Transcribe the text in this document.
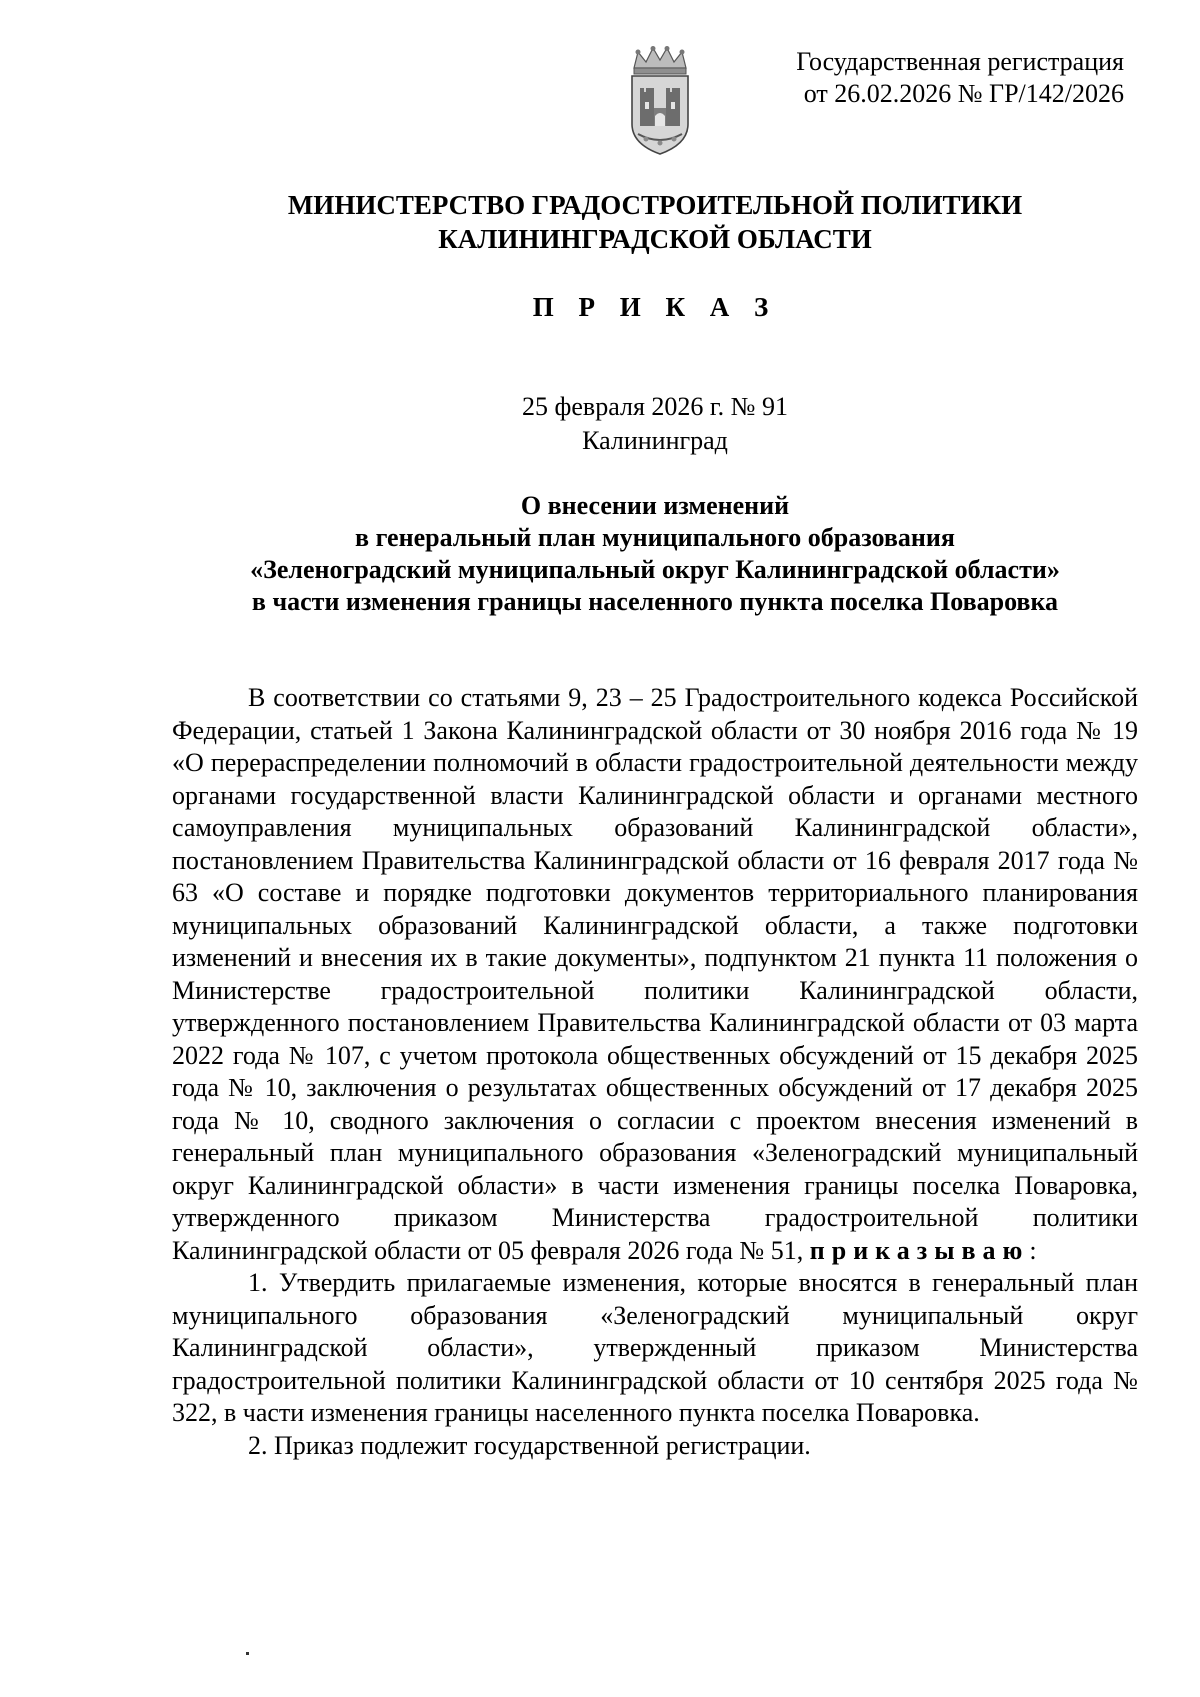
Государственная регистрация
от 26.02.2026 № ГР/142/2026
МИНИСТЕРСТВО ГРАДОСТРОИТЕЛЬНОЙ ПОЛИТИКИ
КАЛИНИНГРАДСКОЙ ОБЛАСТИ
П Р И К А З
25 февраля 2026 г. № 91
Калининград
О внесении изменений
в генеральный план муниципального образования
«Зеленоградский муниципальный округ Калининградской области»
в части изменения границы населенного пункта поселка Поваровка

В соответствии со статьями 9, 23 – 25 Градостроительного кодекса Российской Федерации, статьей 1 Закона Калининградской области от 30 ноября 2016 года № 19 «О перераспределении полномочий в области градостроительной деятельности между органами государственной власти Калининградской области и органами местного самоуправления муниципальных образований Калининградской области», постановлением Правительства Калининградской области от 16 февраля 2017 года № 63 «О составе и порядке подготовки документов территориального планирования муниципальных образований Калининградской области, а также подготовки изменений и внесения их в такие документы», подпунктом 21 пункта 11 положения о Министерстве градостроительной политики Калининградской области, утвержденного постановлением Правительства Калининградской области от 03 марта 2022 года № 107, с учетом протокола общественных обсуждений от 15 декабря 2025 года № 10, заключения о результатах общественных обсуждений от 17 декабря 2025 года № 10, сводного заключения о согласии с проектом внесения изменений в генеральный план муниципального образования «Зеленоградский муниципальный округ Калининградской области» в части изменения границы поселка Поваровка, утвержденного приказом Министерства градостроительной политики Калининградской области от 05 февраля 2026 года № 51, приказываю:

1. Утвердить прилагаемые изменения, которые вносятся в генеральный план муниципального образования «Зеленоградский муниципальный округ Калининградской области», утвержденный приказом Министерства градостроительной политики Калининградской области от 10 сентября 2025 года № 322, в части изменения границы населенного пункта поселка Поваровка.

2. Приказ подлежит государственной регистрации.
